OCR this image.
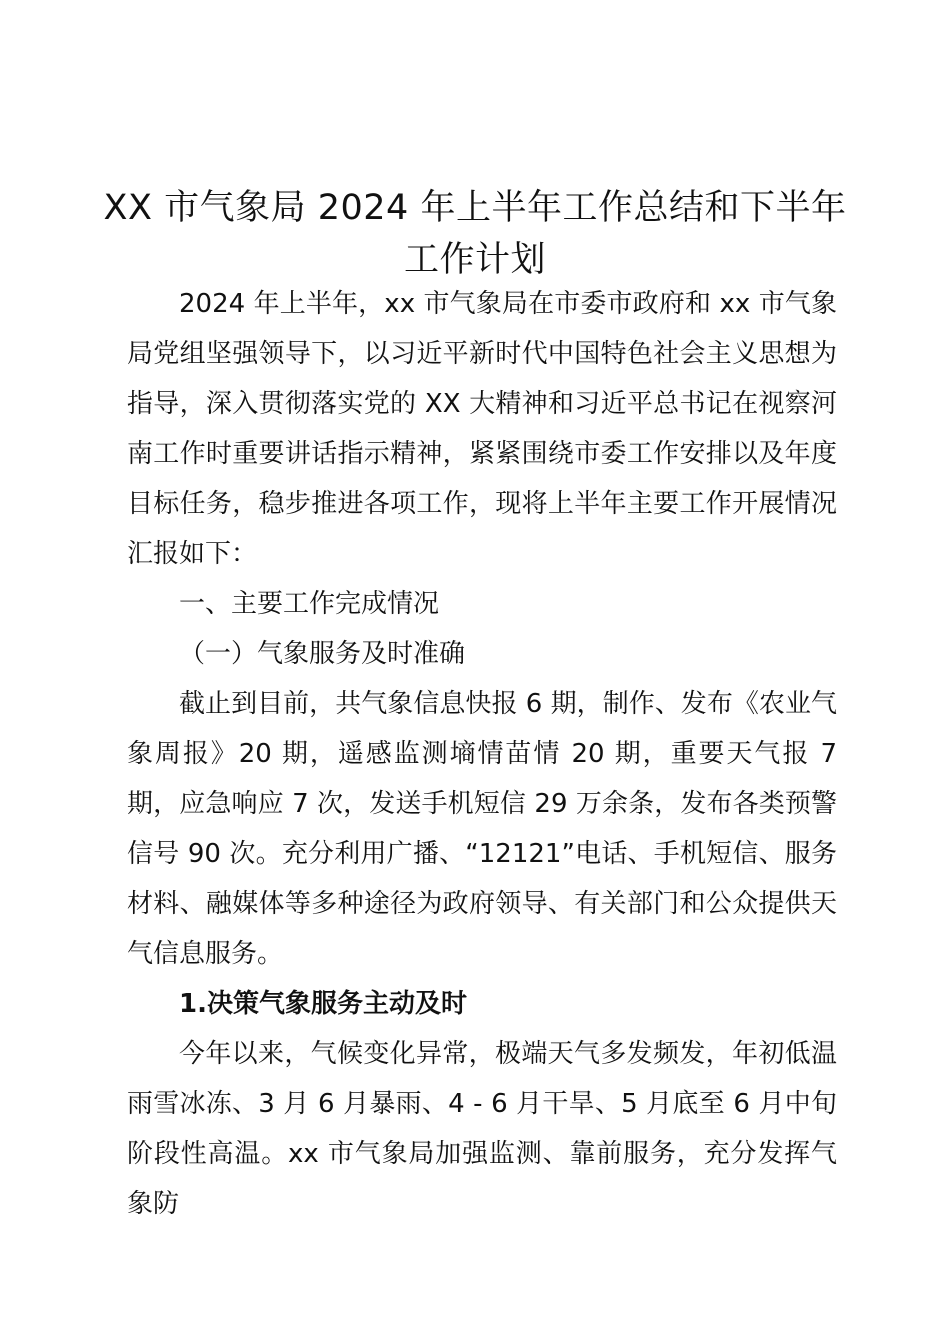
XX 市气象局 2024 年上半年工作总结和下半年工作计划

2024 年上半年，xx 市气象局在市委市政府和 xx 市气象局党组坚强领导下，以习近平新时代中国特色社会主义思想为指导，深入贯彻落实党的 XX 大精神和习近平总书记在视察河南工作时重要讲话指示精神，紧紧围绕市委工作安排以及年度目标任务，稳步推进各项工作，现将上半年主要工作开展情况汇报如下：

一、主要工作完成情况

（一）气象服务及时准确

截止到目前，共气象信息快报 6 期，制作、发布《农业气象周报》20 期，遥感监测墒情苗情 20 期，重要天气报 7 期，应急响应 7 次，发送手机短信 29 万余条，发布各类预警信号 90 次。充分利用广播、“12121”电话、手机短信、服务材料、融媒体等多种途径为政府领导、有关部门和公众提供天气信息服务。

1.决策气象服务主动及时

今年以来，气候变化异常，极端天气多发频发，年初低温雨雪冰冻、3 月 6 月暴雨、4 - 6 月干旱、5 月底至 6 月中旬阶段性高温。xx 市气象局加强监测、靠前服务，充分发挥气象防
